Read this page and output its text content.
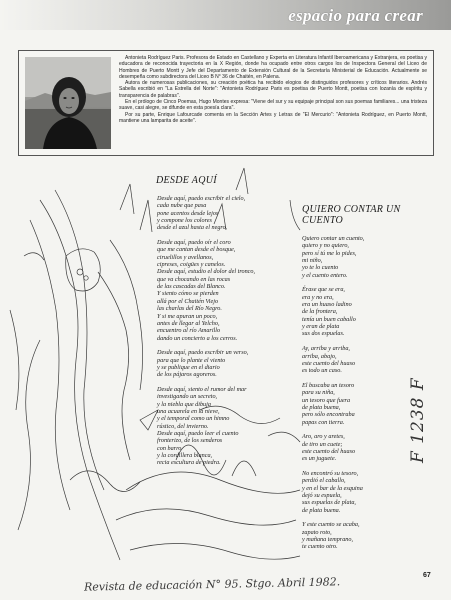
espacio para crear

Antonieta Rodríguez Paris. Profesora de Estado en Castellano y Experta en Literatura Infantil Iberoamericana y Extranjera, es poetisa y educadora de reconocida trayectoria en la X Región, donde ha ocupado entre otros cargos los de Inspectora General del Liceo de Hombres de Puerto Montt y Jefe del Departamento de Extensión Cultural de la Secretaría Ministerial de Educación. Actualmente se desempeña como subdirectora del Liceo B N° 36 de Chaitén, en Palena.

Autora de numerosas publicaciones, su creación poética ha recibido elogios de distinguidos profesores y críticos literarios. Andrés Sabella escribió en "La Estrella del Norte": "Antonieta Rodríguez Paris es poetisa de Puerto Montt, poetisa con lozanía de espíritu y transparencia de palabras".

En el prólogo de Cinco Poemas, Hugo Montes expresa: "Viene del sur y su equipaje principal son sus poemas familiares... una tristeza suave, casi alegre, se difunde en esta poesía clara".

Por su parte, Enrique Lafourcade comenta en la Sección Artes y Letras de "El Mercurio": "Antonieta Rodríguez, en Puerto Montt, mantiene una lamparita de aceite".

DESDE AQUÍ
Desde aquí, puedo escribir el cielo,
cada nube que pasa
pone acentos desde lejos
y compone los colores
desde el azul hasta el negro.
Desde aquí, puedo oír el coro
que me cantan desde el bosque,
ciruelillos y avellanos,
cipreses, coigües y canelos.
Desde aquí, estudio el dolor del tronco,
que va chocando en las rocas
de las cascadas del Blanco.
Y siento cómo se pierden
allá por el Chaitén Viejo
las charlas del Río Negro.
Y si me apuran un poco,
antes de llegar al Yelcho,
encuentro al río Amarillo
dando un concierto a los cerros.
Desde aquí, puedo escribir un verso,
para que lo plante el viento
y se publique en el diario
de los pájaros agoreros.
Desde aquí, siento el rumor del mar
investigando un secreto,
y la niebla que dibuja
una acuarela en la nieve,
y el temporal como un himno
rústico, del invierno.
Desde aquí, puedo leer el cuento
fronterizo, de los senderos
con barro
y la cordillera blanca,
recia escultura de piedra.
QUIERO CONTAR UN CUENTO
Quiero contar un cuento,
quiero y no quiero,
pero sí tú me lo pides,
mi niño,
yo te lo cuento
y el cuento entero.
Érase que se era,
era y no era,
era un huaso ladino
de la frontera,
tenía un buen caballo
y eran de plata
sus dos espuelas.
Ay, arriba y arriba,
arriba, abajo,
este cuento del huaso
es todo un caso.
El buscaba un tesoro
para su niña,
un tesoro que fuera
de plata buena,
pero sólo encontraba
papas con tierra.
Aro, aro y aretes,
de tiro un cuete;
este cuento del huaso
es un juguete.
No encontró su tesoro,
perdió el caballo,
y en el bar de la esquina
dejó su espuela,
sus espuelas de plata,
de plata buena.
Y este cuento se acaba,
zapato roto,
y mañana temprano,
te cuento otro.
67
Revista de educación N° 95. Stgo. Abril 1982.
F 1238 F
